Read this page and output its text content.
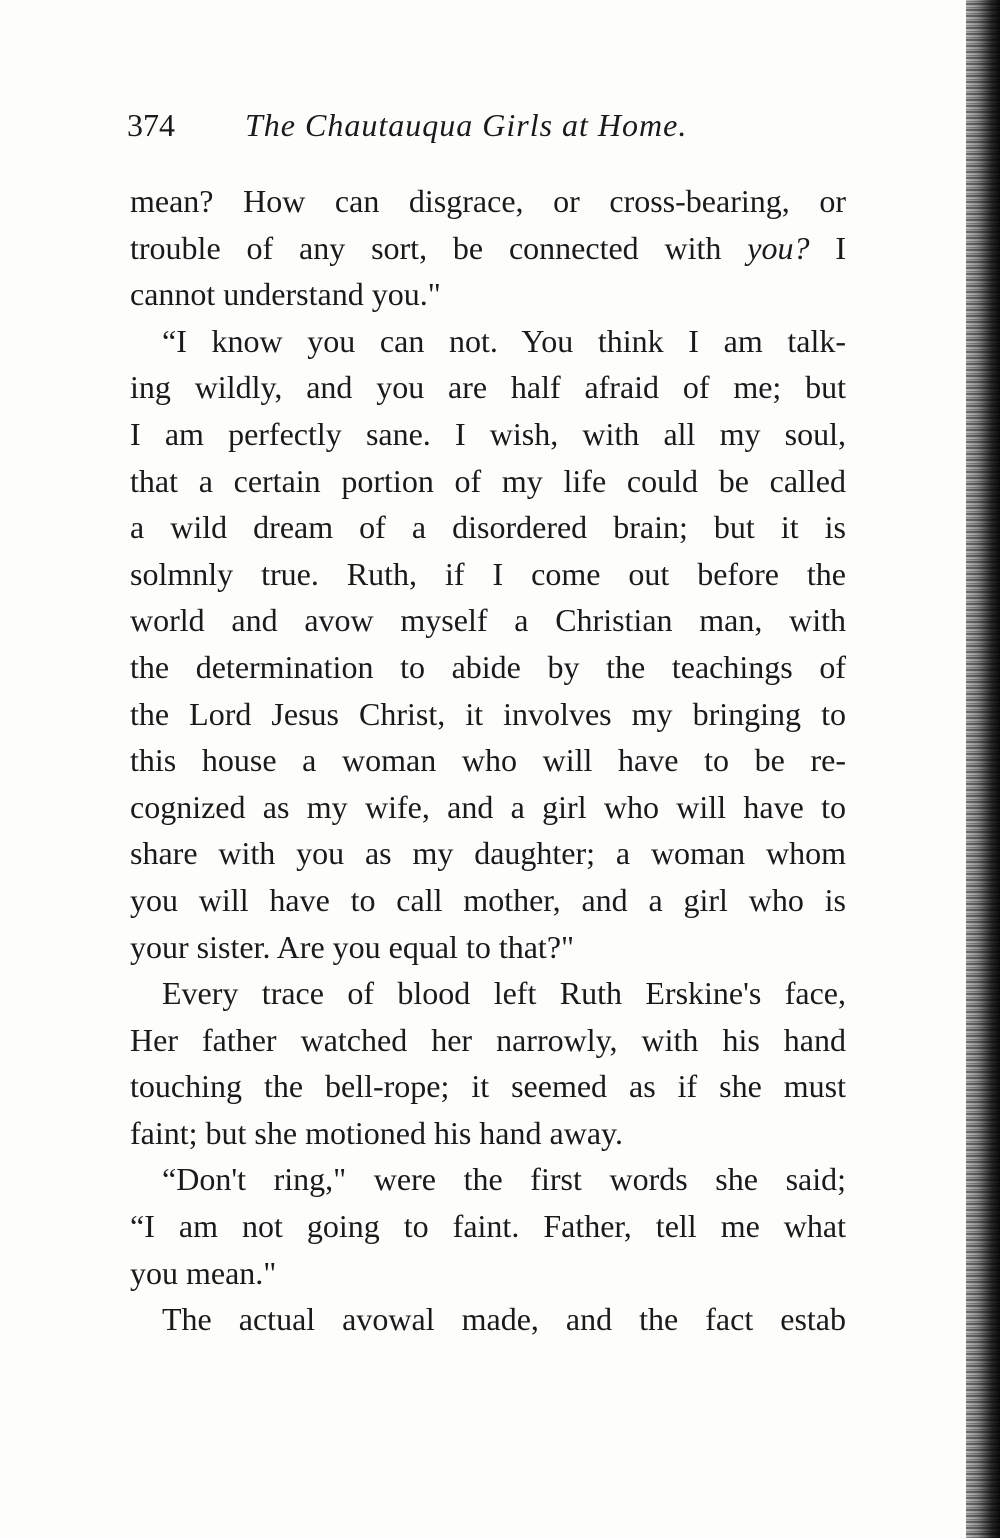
374 The Chautauqua Girls at Home.
mean? How can disgrace, or cross-bearing, or
trouble of any sort, be connected with you? I
cannot understand you."
“I know you can not. You think I am talk-
ing wildly, and you are half afraid of me; but
I am perfectly sane. I wish, with all my soul,
that a certain portion of my life could be called
a wild dream of a disordered brain; but it is
solmnly true. Ruth, if I come out before the
world and avow myself a Christian man, with
the determination to abide by the teachings of
the Lord Jesus Christ, it involves my bringing to
this house a woman who will have to be re-
cognized as my wife, and a girl who will have to
share with you as my daughter; a woman whom
you will have to call mother, and a girl who is
your sister. Are you equal to that?"
Every trace of blood left Ruth Erskine's face,
Her father watched her narrowly, with his hand
touching the bell-rope; it seemed as if she must
faint; but she motioned his hand away.
“Don't ring," were the first words she said;
“I am not going to faint. Father, tell me what
you mean."
The actual avowal made, and the fact estab
